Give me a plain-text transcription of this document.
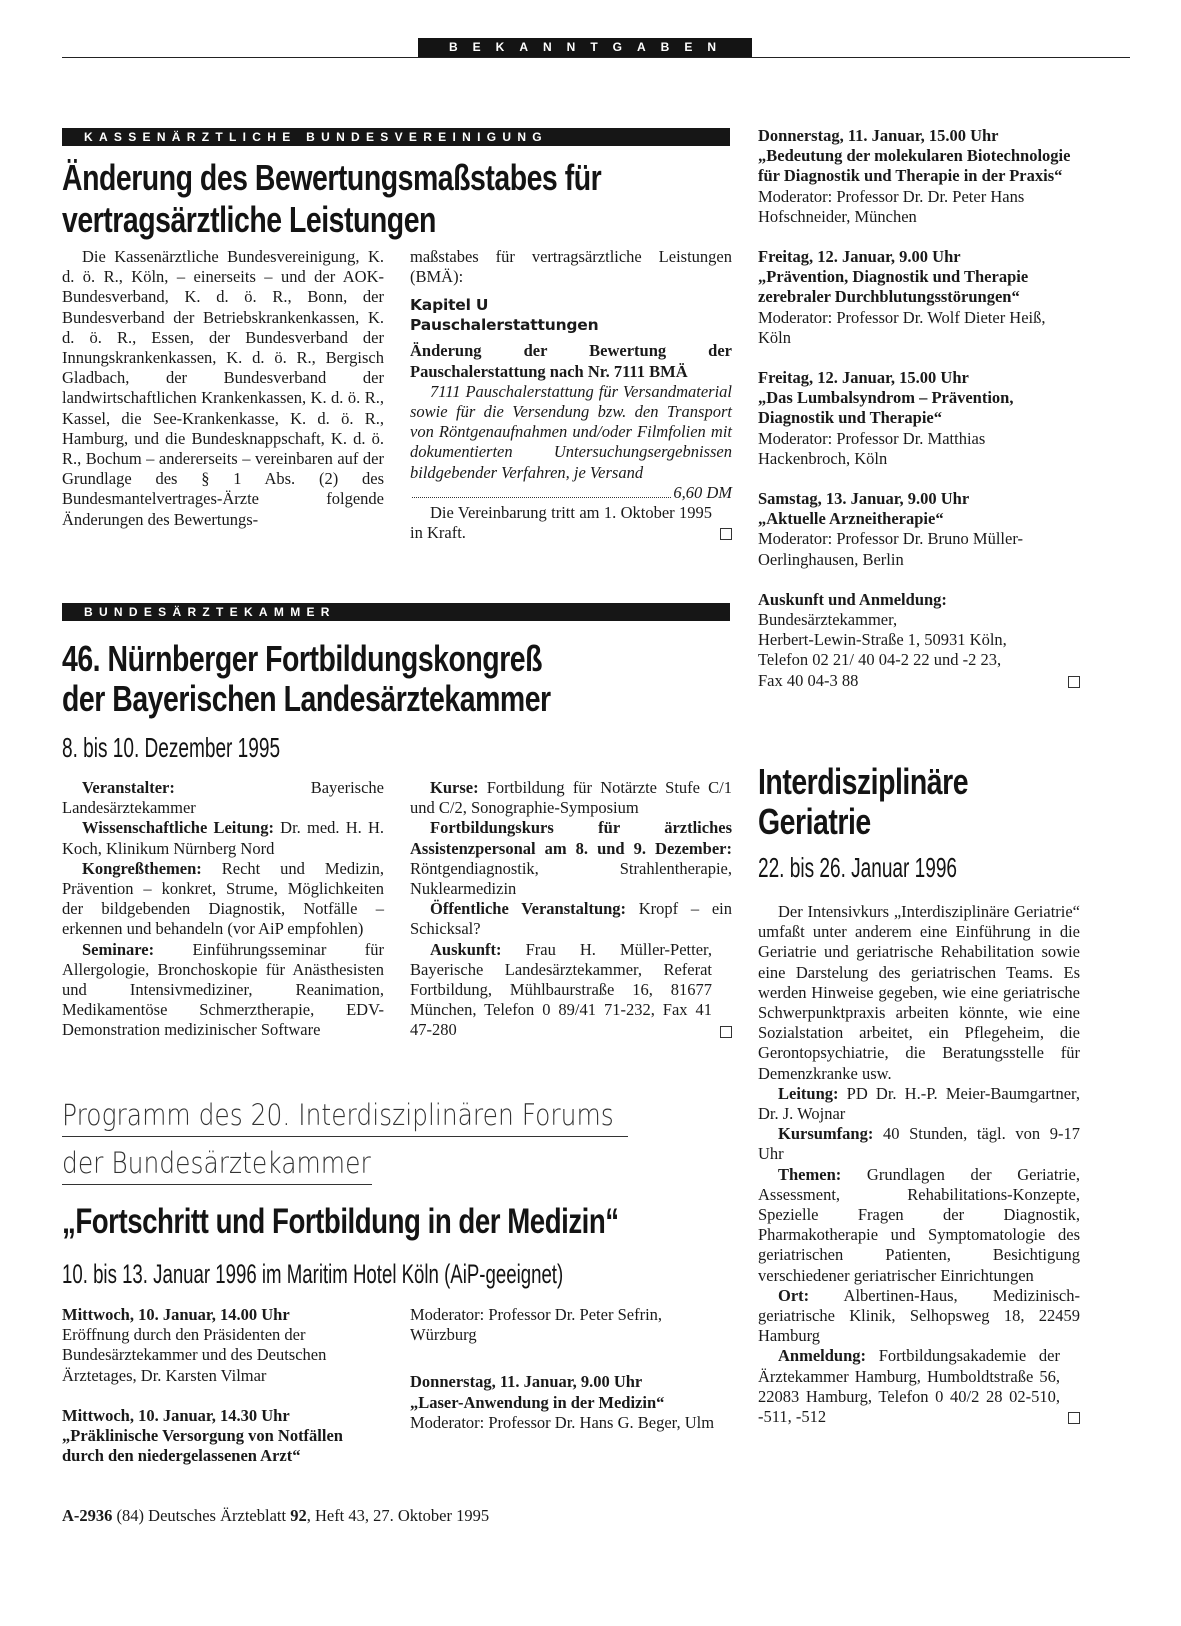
BEKANNTGABEN
KASSENÄRZTLICHE BUNDESVEREINIGUNG
Änderung des Bewertungsmaßstabes für
vertragsärztliche Leistungen

Die Kassenärztliche Bundesvereinigung, K. d. ö. R., Köln, – einerseits – und der AOK-Bundesverband, K. d. ö. R., Bonn, der Bundesverband der Betriebskrankenkassen, K. d. ö. R., Essen, der Bundesverband der Innungskrankenkassen, K. d. ö. R., Bergisch Gladbach, der Bundesverband der landwirtschaftlichen Krankenkassen, K. d. ö. R., Kassel, die See-Krankenkasse, K. d. ö. R., Hamburg, und die Bundesknappschaft, K. d. ö. R., Bochum – andererseits – vereinbaren auf der Grundlage des § 1 Abs. (2) des Bundesmantelvertrages-Ärzte folgende Änderungen des Bewertungs-

maßstabes für vertragsärztliche Leistungen (BMÄ):

Kapitel U
Pauschalerstattungen

Änderung der Bewertung der Pauschalerstattung nach Nr. 7111 BMÄ

7111 Pauschalerstattung für Versandmaterial sowie für die Versendung bzw. den Transport von Röntgenaufnahmen und/oder Filmfolien mit dokumentierten Untersuchungsergebnissen bildgebender Verfahren, je Versand

6,60 DM

Die Vereinbarung tritt am 1. Oktober 1995 in Kraft.

BUNDESÄRZTEKAMMER
46. Nürnberger Fortbildungskongreß
der Bayerischen Landesärztekammer
8. bis 10. Dezember 1995

Veranstalter: Bayerische Landesärztekammer

Wissenschaftliche Leitung: Dr. med. H. H. Koch, Klinikum Nürnberg Nord

Kongreßthemen: Recht und Medizin, Prävention – konkret, Strume, Möglichkeiten der bildgebenden Diagnostik, Notfälle – erkennen und behandeln (vor AiP empfohlen)

Seminare: Einführungsseminar für Allergologie, Bronchoskopie für Anästhesisten und Intensivmediziner, Reanimation, Medikamentöse Schmerztherapie, EDV-Demonstration medizinischer Software

Kurse: Fortbildung für Notärzte Stufe C/1 und C/2, Sonographie-Symposium

Fortbildungskurs für ärztliches Assistenzpersonal am 8. und 9. Dezember: Röntgendiagnostik, Strahlentherapie, Nuklearmedizin

Öffentliche Veranstaltung: Kropf – ein Schicksal?

Auskunft: Frau H. Müller-Petter, Bayerische Landesärztekammer, Referat Fortbildung, Mühlbaurstraße 16, 81677 München, Telefon 0 89/41 71-232, Fax 41 47-280

Programm des 20. Interdisziplinären Forums
der Bundesärztekammer
„Fortschritt und Fortbildung in der Medizin“
10. bis 13. Januar 1996 im Maritim Hotel Köln (AiP-geeignet)
Mittwoch, 10. Januar, 14.00 Uhr
Eröffnung durch den Präsidenten der Bundesärztekammer und des Deutschen Ärztetages, Dr. Karsten Vilmar
Mittwoch, 10. Januar, 14.30 Uhr
„Präklinische Versorgung von Notfällen durch den niedergelassenen Arzt“
Moderator: Professor Dr. Peter Sefrin, Würzburg
Donnerstag, 11. Januar, 9.00 Uhr
„Laser-Anwendung in der Medizin“
Moderator: Professor Dr. Hans G. Beger, Ulm
Donnerstag, 11. Januar, 15.00 Uhr
„Bedeutung der molekularen Biotechnologie für Diagnostik und Therapie in der Praxis“
Moderator: Professor Dr. Dr. Peter Hans Hofschneider, München
Freitag, 12. Januar, 9.00 Uhr
„Prävention, Diagnostik und Therapie zerebraler Durchblutungsstörungen“
Moderator: Professor Dr. Wolf Dieter Heiß, Köln
Freitag, 12. Januar, 15.00 Uhr
„Das Lumbalsyndrom – Prävention, Diagnostik und Therapie“
Moderator: Professor Dr. Matthias Hackenbroch, Köln
Samstag, 13. Januar, 9.00 Uhr
„Aktuelle Arzneitherapie“
Moderator: Professor Dr. Bruno Müller-Oerlinghausen, Berlin
Auskunft und Anmeldung:
Bundesärztekammer,
Herbert-Lewin-Straße 1, 50931 Köln,
Telefon 02 21/ 40 04-2 22 und -2 23,
Fax 40 04-3 88
Interdisziplinäre
Geriatrie
22. bis 26. Januar 1996

Der Intensivkurs „Interdisziplinäre Geriatrie“ umfaßt unter anderem eine Einführung in die Geriatrie und geriatrische Rehabilitation sowie eine Darstelung des geriatrischen Teams. Es werden Hinweise gegeben, wie eine geriatrische Schwerpunktpraxis arbeiten könnte, wie eine Sozialstation arbeitet, ein Pflegeheim, die Gerontopsychiatrie, die Beratungsstelle für Demenzkranke usw.

Leitung: PD Dr. H.-P. Meier-Baumgartner, Dr. J. Wojnar

Kursumfang: 40 Stunden, tägl. von 9-17 Uhr

Themen: Grundlagen der Geriatrie, Assessment, Rehabilitations-Konzepte, Spezielle Fragen der Diagnostik, Pharmakotherapie und Symptomatologie des geriatrischen Patienten, Besichtigung verschiedener geriatrischer Einrichtungen

Ort: Albertinen-Haus, Medizinisch-geriatrische Klinik, Selhopsweg 18, 22459 Hamburg

Anmeldung: Fortbildungsakademie der Ärztekammer Hamburg, Humboldtstraße 56, 22083 Hamburg, Telefon 0 40/2 28 02-510, -511, -512

A-2936 (84) Deutsches Ärzteblatt 92, Heft 43, 27. Oktober 1995
